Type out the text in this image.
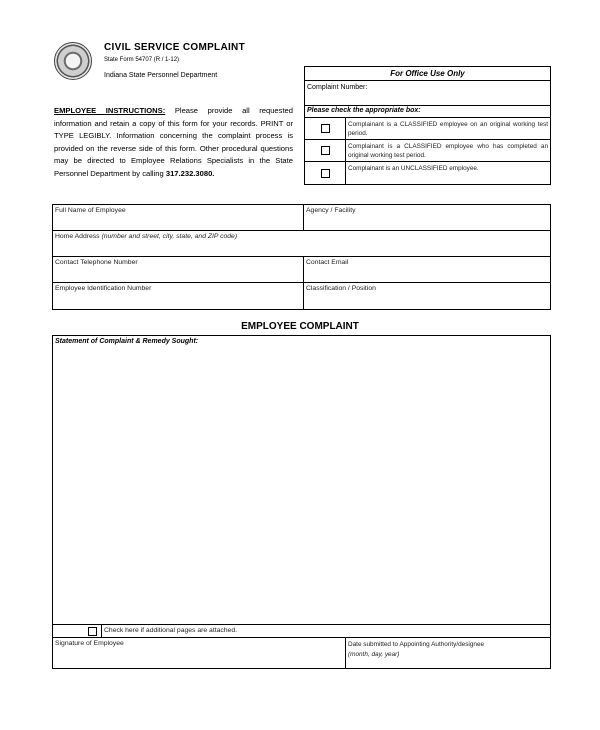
CIVIL SERVICE COMPLAINT
State Form 54707 (R / 1-12)
Indiana State Personnel Department
EMPLOYEE INSTRUCTIONS: Please provide all requested information and retain a copy of this form for your records. PRINT or TYPE LEGIBLY. Information concerning the complaint process is provided on the reverse side of this form. Other procedural questions may be directed to Employee Relations Specialists in the State Personnel Department by calling 317.232.3080.
For Office Use Only
Complaint Number:
Please check the appropriate box:
Complainant is a CLASSIFIED employee on an original working test period.
Complainant is a CLASSIFIED employee who has completed an original working test period.
Complainant is an UNCLASSIFIED employee.
Full Name of Employee	Agency / Facility
Home Address (number and street, city, state, and ZIP code)
Contact Telephone Number	Contact Email
Employee Identification Number	Classification / Position
EMPLOYEE COMPLAINT
Statement of Complaint & Remedy Sought:
Check here if additional pages are attached.
Signature of Employee	Date submitted to Appointing Authority/designee
(month, day, year)
